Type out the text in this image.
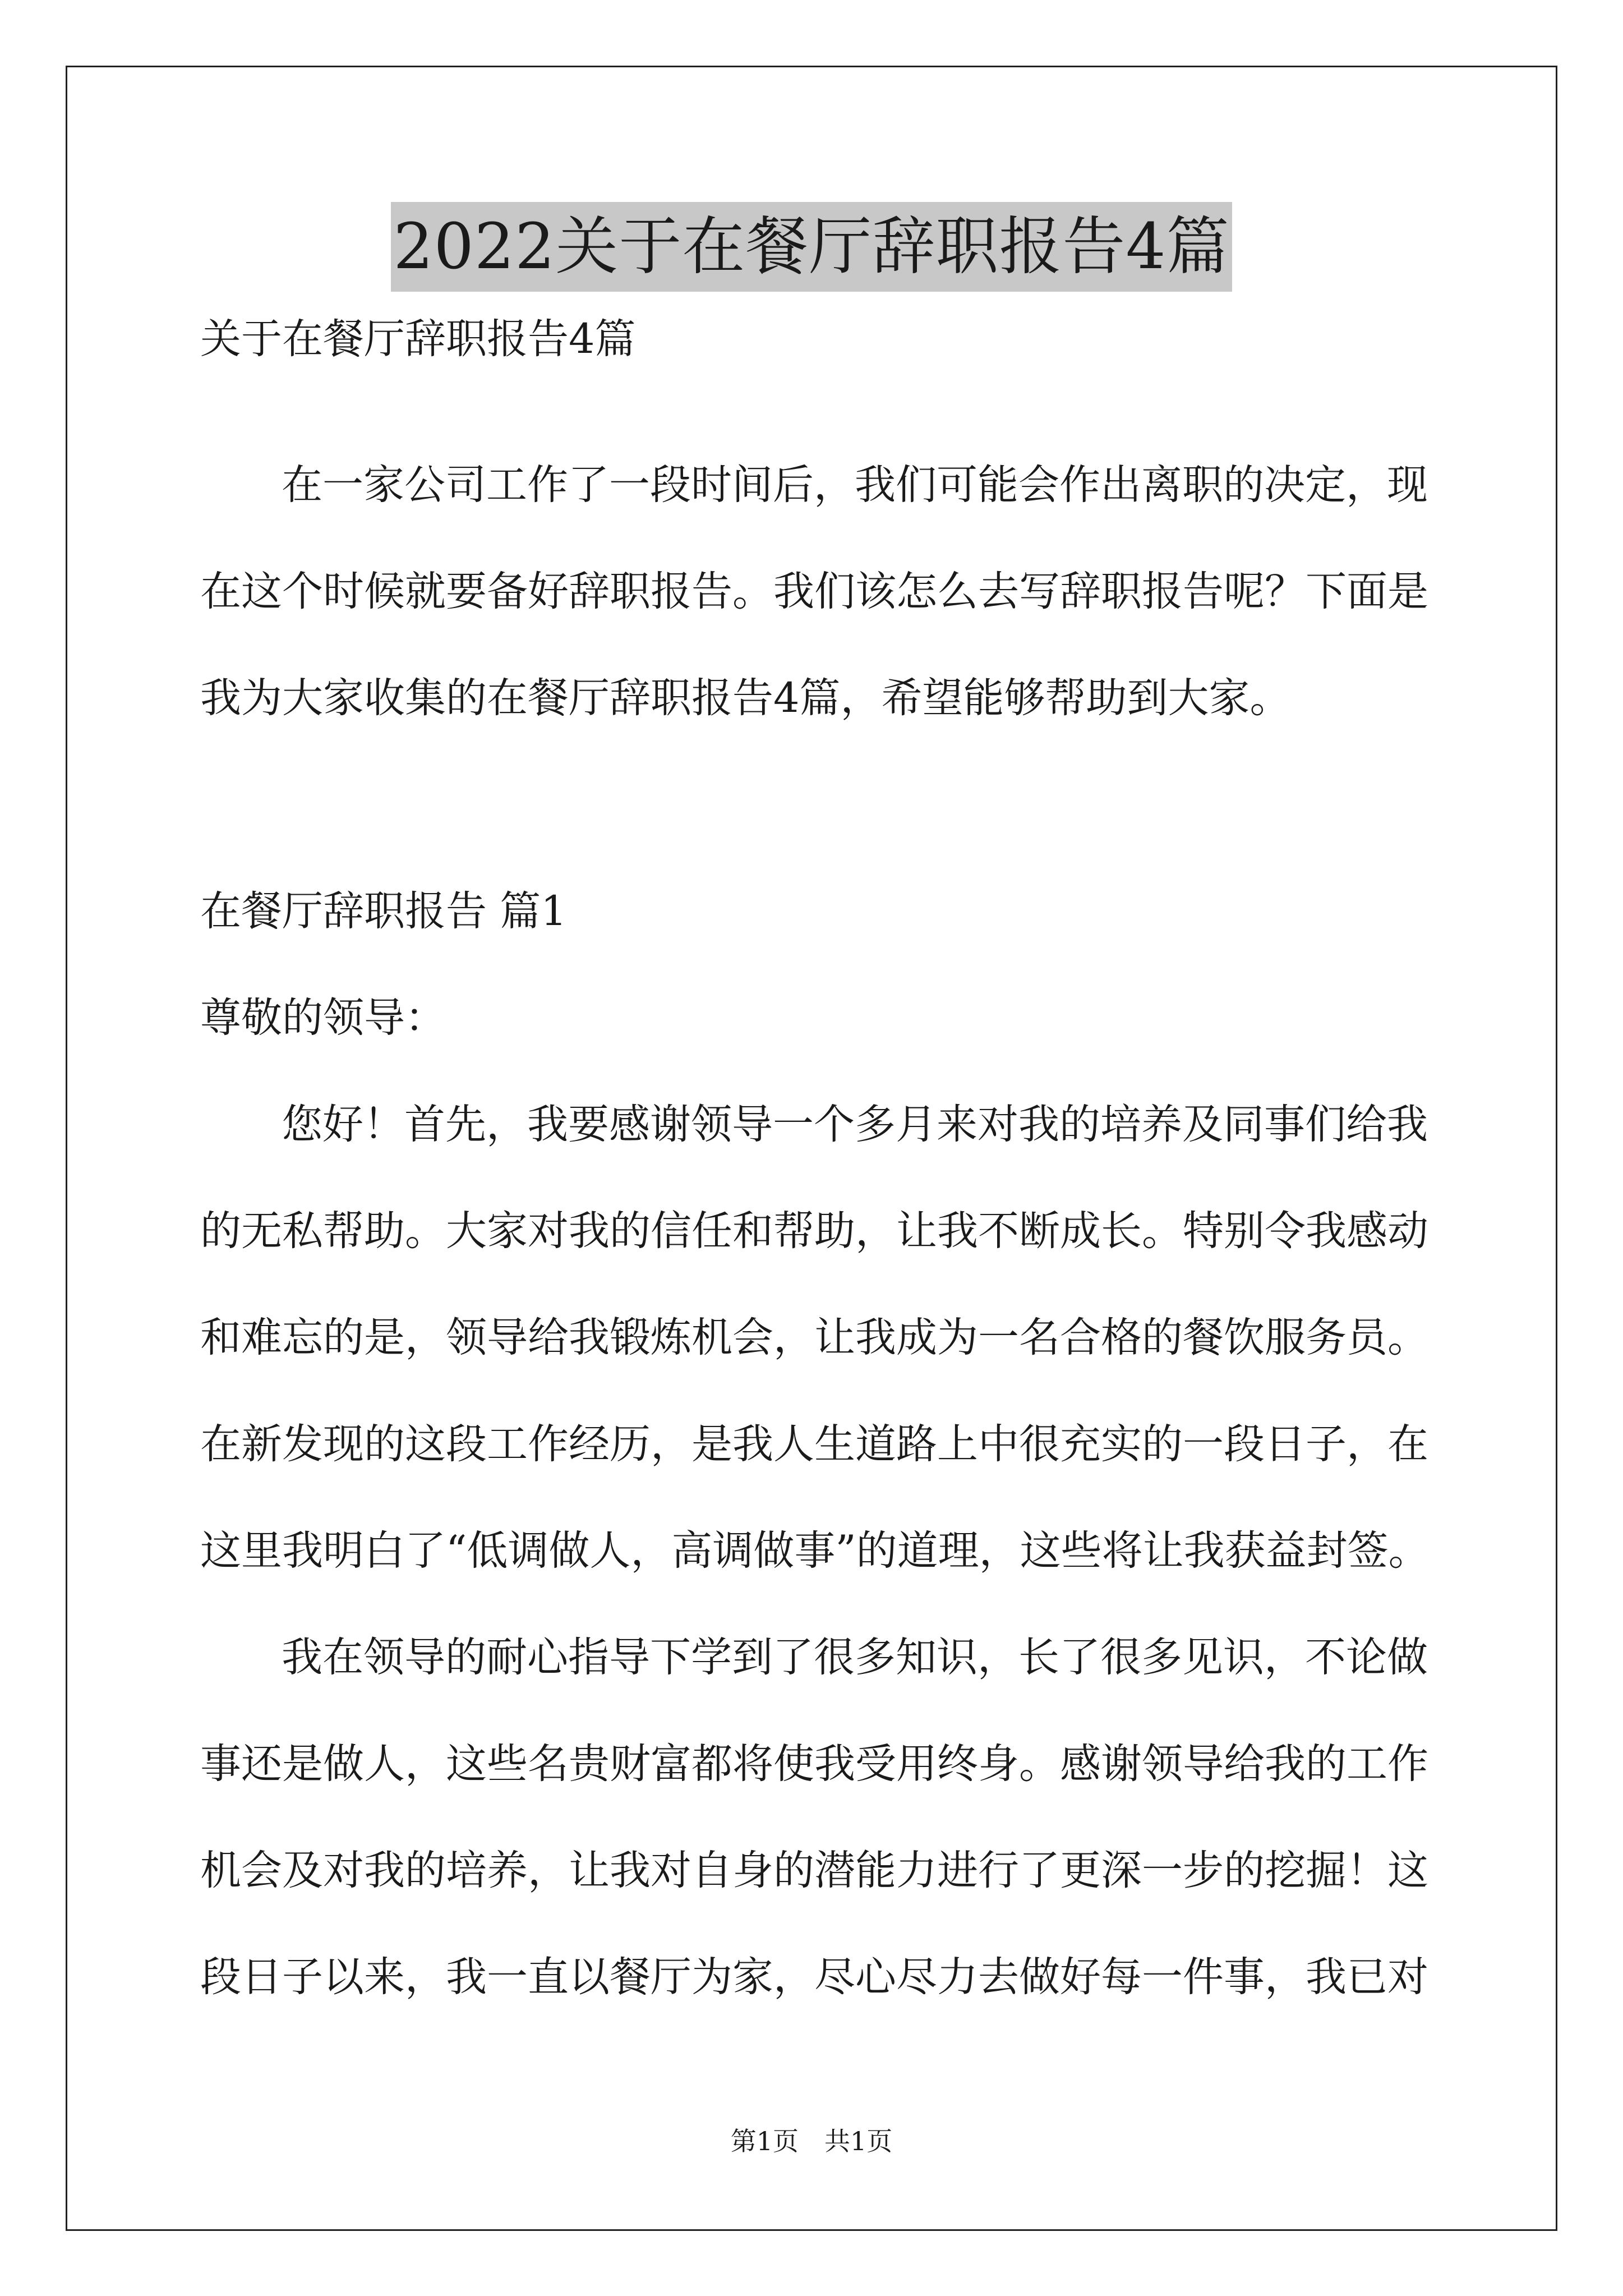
2022关于在餐厅辞职报告4篇
关于在餐厅辞职报告4篇
在一家公司工作了一段时间后，我们可能会作出离职的决定，现
在这个时候就要备好辞职报告。我们该怎么去写辞职报告呢？下面是
我为大家收集的在餐厅辞职报告4篇，希望能够帮助到大家。
在餐厅辞职报告 篇1
尊敬的领导：
您好！首先，我要感谢领导一个多月来对我的培养及同事们给我
的无私帮助。大家对我的信任和帮助，让我不断成长。特别令我感动
和难忘的是，领导给我锻炼机会，让我成为一名合格的餐饮服务员。
在新发现的这段工作经历，是我人生道路上中很充实的一段日子，在
这里我明白了“低调做人，高调做事”的道理，这些将让我获益封签。
我在领导的耐心指导下学到了很多知识，长了很多见识，不论做
事还是做人，这些名贵财富都将使我受用终身。感谢领导给我的工作
机会及对我的培养，让我对自身的潜能力进行了更深一步的挖掘！这
段日子以来，我一直以餐厅为家，尽心尽力去做好每一件事，我已对
第1页　共1页
